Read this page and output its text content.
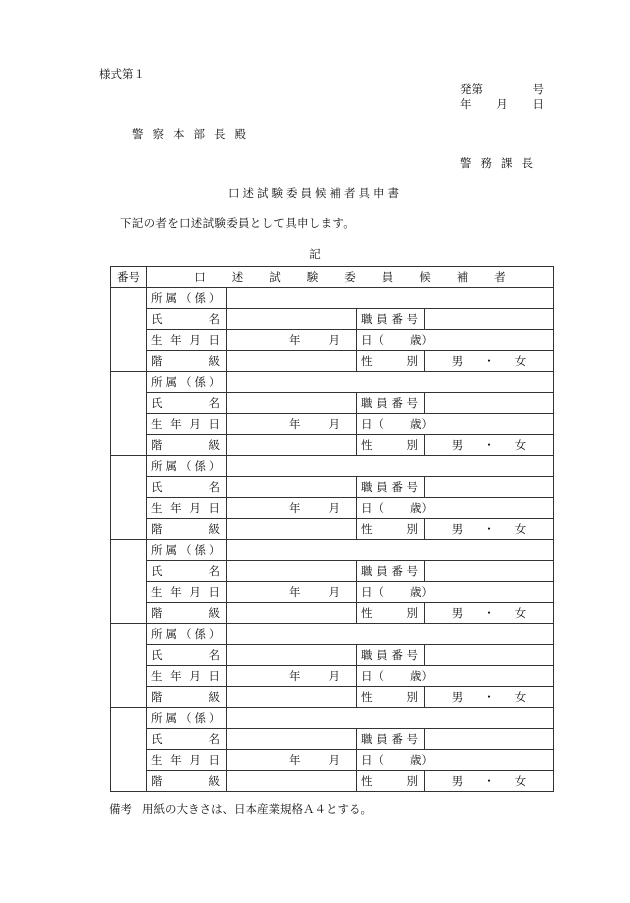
様式第１
発第	号
年 月 日
警察本部長殿
警務課長
口述試験委員候補者具申書
下記の者を口述試験委員として具申します。
記
番号	口 述 試 験 委 員 候 補 者			

	所 属 （ 係 ）			

	氏 名		職 員 番 号	

	生 年 月 日	年 月	日（ 歳）	

	階 級		性 別	男 ・ 女

	所 属 （ 係 ）			

	氏 名		職 員 番 号	

	生 年 月 日	年 月	日（ 歳）	

	階 級		性 別	男 ・ 女

	所 属 （ 係 ）			

	氏 名		職 員 番 号	

	生 年 月 日	年 月	日（ 歳）	

	階 級		性 別	男 ・ 女

	所 属 （ 係 ）			

	氏 名		職 員 番 号	

	生 年 月 日	年 月	日（ 歳）	

	階 級		性 別	男 ・ 女

	所 属 （ 係 ）			

	氏 名		職 員 番 号	

	生 年 月 日	年 月	日（ 歳）	

	階 級		性 別	男 ・ 女

	所 属 （ 係 ）			

	氏 名		職 員 番 号	

	生 年 月 日	年 月	日（ 歳）	

	階 級		性 別	男 ・ 女
備考 用紙の大きさは、日本産業規格Ａ４とする。
